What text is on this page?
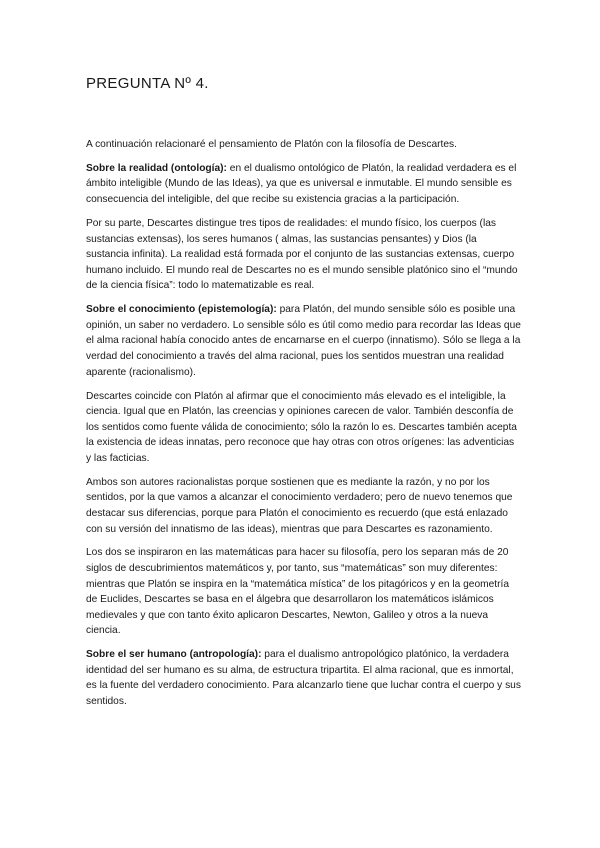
PREGUNTA Nº 4.

A continuación relacionaré el pensamiento de Platón con la filosofía de Descartes.

Sobre la realidad (ontología): en el dualismo ontológico de Platón, la realidad verdadera es el ámbito inteligible (Mundo de las Ideas), ya que es universal e inmutable. El mundo sensible es consecuencia del inteligible, del que recibe su existencia gracias a la participación.

Por su parte, Descartes distingue tres tipos de realidades: el mundo físico, los cuerpos (las sustancias extensas), los seres humanos ( almas, las sustancias pensantes) y Dios (la sustancia infinita). La realidad está formada por el conjunto de las sustancias extensas, cuerpo humano incluido. El mundo real de Descartes no es el mundo sensible platónico sino el “mundo de la ciencia física”: todo lo matematizable es real.

Sobre el conocimiento (epistemología): para Platón, del mundo sensible sólo es posible una opinión, un saber no verdadero. Lo sensible sólo es útil como medio para recordar las Ideas que el alma racional había conocido antes de encarnarse en el cuerpo (innatismo). Sólo se llega a la verdad del conocimiento a través del alma racional, pues los sentidos muestran una realidad aparente (racionalismo).

Descartes coincide con Platón al afirmar que el conocimiento más elevado es el inteligible, la ciencia. Igual que en Platón, las creencias y opiniones carecen de valor. También desconfía de los sentidos como fuente válida de conocimiento; sólo la razón lo es. Descartes también acepta la existencia de ideas innatas, pero reconoce que hay otras con otros orígenes: las adventicias y las facticias.

Ambos son autores racionalistas porque sostienen que es mediante la razón, y no por los sentidos, por la que vamos a alcanzar el conocimiento verdadero; pero de nuevo tenemos que destacar sus diferencias, porque para Platón el conocimiento es recuerdo (que está enlazado con su versión del innatismo de las ideas), mientras que para Descartes es razonamiento.

Los dos se inspiraron en las matemáticas para hacer su filosofía, pero los separan más de 20 siglos de descubrimientos matemáticos y, por tanto, sus “matemáticas” son muy diferentes: mientras que Platón se inspira en la “matemática mística” de los pitagóricos y en la geometría de Euclides, Descartes se basa en el álgebra que desarrollaron los matemáticos islámicos medievales y que con tanto éxito aplicaron Descartes, Newton, Galileo y otros a la nueva ciencia.

Sobre el ser humano (antropología): para el dualismo antropológico platónico, la verdadera identidad del ser humano es su alma, de estructura tripartita. El alma racional, que es inmortal, es la fuente del verdadero conocimiento. Para alcanzarlo tiene que luchar contra el cuerpo y sus sentidos.
